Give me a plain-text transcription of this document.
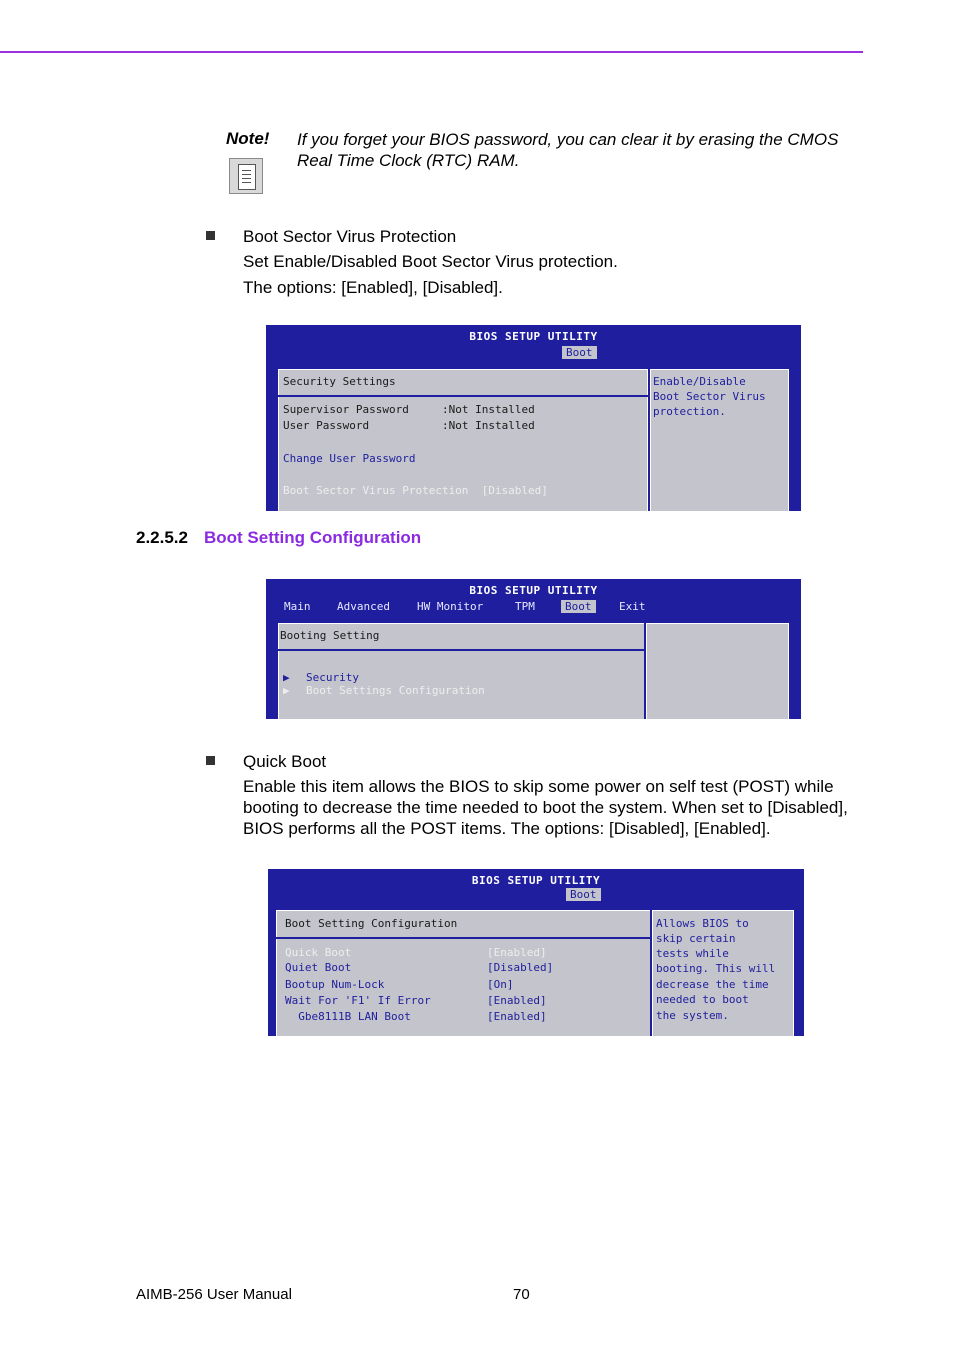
Note! If you forget your BIOS password, you can clear it by erasing the CMOS Real Time Clock (RTC) RAM.
Boot Sector Virus Protection
Set Enable/Disabled Boot Sector Virus protection.
The options: [Enabled], [Disabled].
BIOS SETUP UTILITY
Boot
Security Settings
Supervisor Password	:Not Installed
User Password	:Not Installed
Change User Password
Boot Sector Virus Protection  [Disabled]
Enable/Disable
Boot Sector Virus
protection.
2.2.5.2 Boot Setting Configuration
BIOS SETUP UTILITY
Main Advanced HW Monitor	TPM	Boot	Exit
Booting Setting
▶ Security
▶ Boot Settings Configuration
Quick Boot
Enable this item allows the BIOS to skip some power on self test (POST) while booting to decrease the time needed to boot the system. When set to [Disabled], BIOS performs all the POST items. The options: [Disabled], [Enabled].
BIOS SETUP UTILITY
Boot
Boot Setting Configuration
Quick Boot	[Enabled]
Quiet Boot	[Disabled]
Bootup Num-Lock	[On]
Wait For 'F1' If Error	[Enabled]
Gbe8111B LAN Boot	[Enabled]
Allows BIOS to
skip certain
tests while
booting. This will
decrease the time
needed to boot
the system.
AIMB-256 User Manual	70
